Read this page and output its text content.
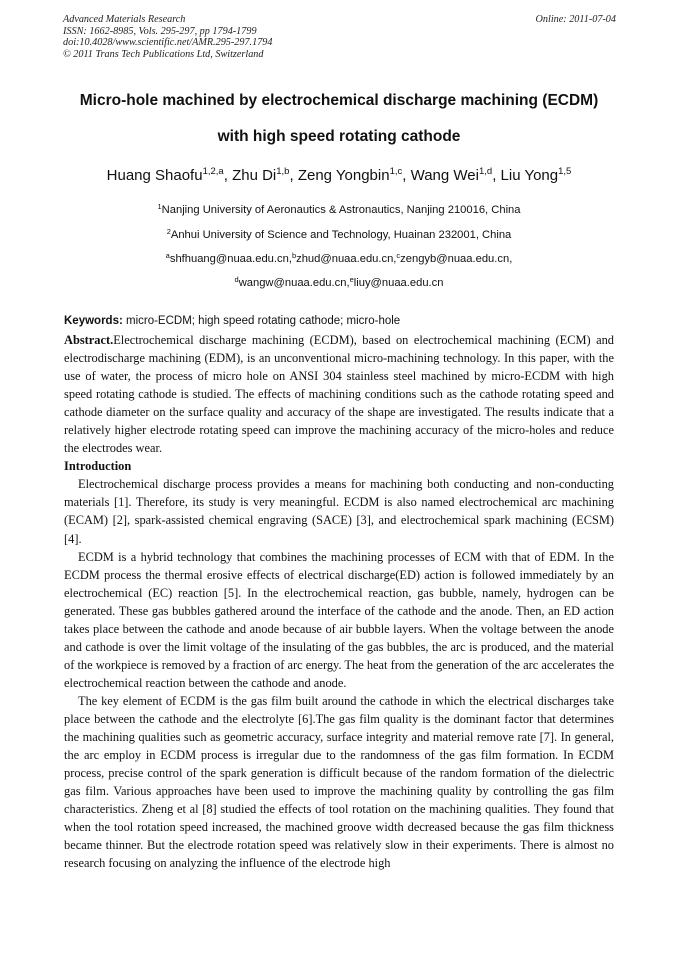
Advanced Materials Research
ISSN: 1662-8985, Vols. 295-297, pp 1794-1799
doi:10.4028/www.scientific.net/AMR.295-297.1794
© 2011 Trans Tech Publications Ltd, Switzerland
Online: 2011-07-04
Micro-hole machined by electrochemical discharge machining (ECDM)
with high speed rotating cathode
Huang Shaofu$^{1,2,a}$, Zhu Di$^{1,b}$, Zeng Yongbin$^{1,c}$, Wang Wei$^{1,d}$, Liu Yong$^{1,5}$
$^1$Nanjing University of Aeronautics & Astronautics, Nanjing 210016, China
$^2$Anhui University of Science and Technology, Huainan 232001, China
$^a$shfhuang@nuaa.edu.cn,$^b$zhud@nuaa.edu.cn,$^c$zengyb@nuaa.edu.cn,
$^d$wangw@nuaa.edu.cn,$^e$liuy@nuaa.edu.cn
Keywords: micro-ECDM; high speed rotating cathode; micro-hole

Abstract.Electrochemical discharge machining (ECDM), based on electrochemical machining (ECM) and electrodischarge machining (EDM), is an unconventional micro-machining technology. In this paper, with the use of water, the process of micro hole on ANSI 304 stainless steel machined by micro-ECDM with high speed rotating cathode is studied. The effects of machining conditions such as the cathode rotating speed and cathode diameter on the surface quality and accuracy of the shape are investigated. The results indicate that a relatively higher electrode rotating speed can improve the machining accuracy of the micro-holes and reduce the electrodes wear.

Introduction

Electrochemical discharge process provides a means for machining both conducting and non-conducting materials [1]. Therefore, its study is very meaningful. ECDM is also named electrochemical arc machining (ECAM) [2], spark-assisted chemical engraving (SACE) [3], and electrochemical spark machining (ECSM) [4].

ECDM is a hybrid technology that combines the machining processes of ECM with that of EDM. In the ECDM process the thermal erosive effects of electrical discharge(ED) action is followed immediately by an electrochemical (EC) reaction [5]. In the electrochemical reaction, gas bubble, namely, hydrogen can be generated. These gas bubbles gathered around the interface of the cathode and the anode. Then, an ED action takes place between the cathode and anode because of air bubble layers. When the voltage between the anode and cathode is over the limit voltage of the insulating of the gas bubbles, the arc is produced, and the material of the workpiece is removed by a fraction of arc energy. The heat from the generation of the arc accelerates the electrochemical reaction between the cathode and anode.

The key element of ECDM is the gas film built around the cathode in which the electrical discharges take place between the cathode and the electrolyte [6].The gas film quality is the dominant factor that determines the machining qualities such as geometric accuracy, surface integrity and material remove rate [7]. In general, the arc employ in ECDM process is irregular due to the randomness of the gas film formation. In ECDM process, precise control of the spark generation is difficult because of the random formation of the dielectric gas film. Various approaches have been used to improve the machining quality by controlling the gas film characteristics. Zheng et al [8] studied the effects of tool rotation on the machining qualities. They found that when the tool rotation speed increased, the machined groove width decreased because the gas film thickness became thinner. But the electrode rotation speed was relatively slow in their experiments. There is almost no research focusing on analyzing the influence of the electrode high
